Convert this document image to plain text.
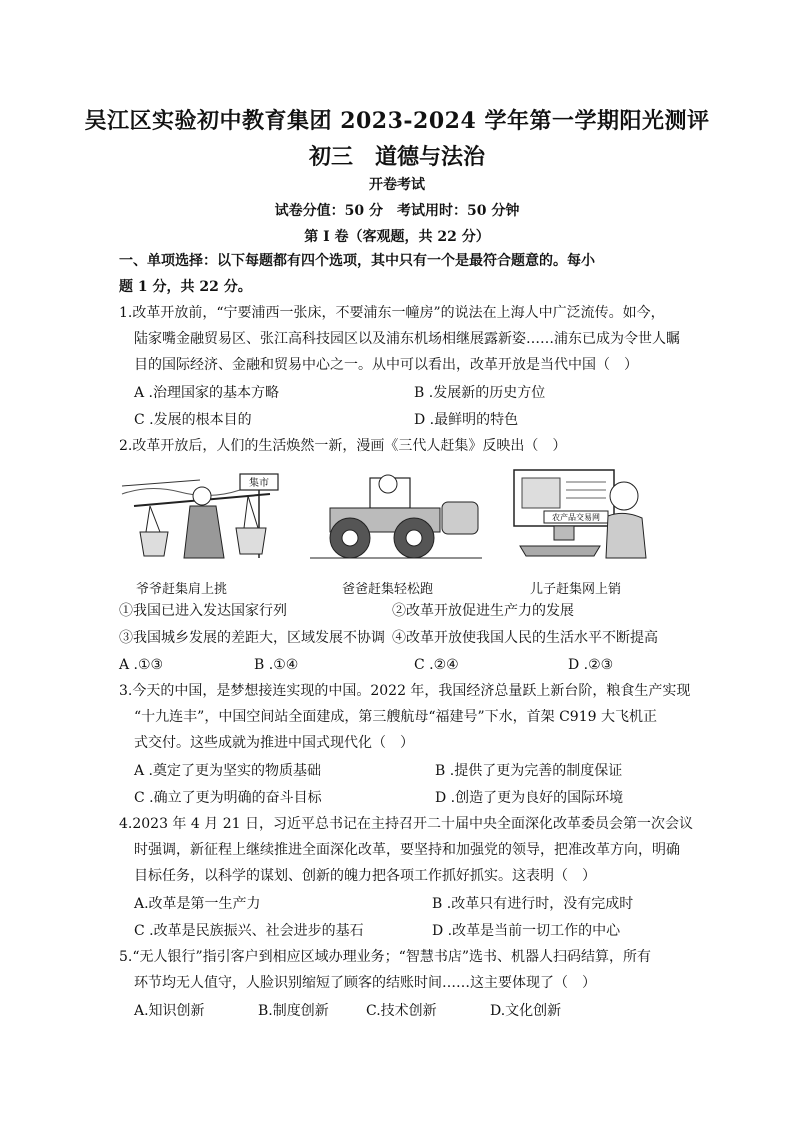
吴江区实验初中教育集团 2023-2024 学年第一学期阳光测评
初三　道德与法治
开卷考试
试卷分值：50 分　考试用时：50 分钟
第 I 卷（客观题，共 22 分）
一、单项选择：以下每题都有四个选项，其中只有一个是最符合题意的。每小
题 1 分，共 22 分。
1.改革开放前，“宁要浦西一张床，不要浦东一幢房”的说法在上海人中广泛流传。如今，
陆家嘴金融贸易区、张江高科技园区以及浦东机场相继展露新姿……浦东已成为令世人瞩
目的国际经济、金融和贸易中心之一。从中可以看出，改革开放是当代中国（　）
A .治理国家的基本方略	B .发展新的历史方位
C .发展的根本目的	D .最鲜明的特色
2.改革开放后，人们的生活焕然一新，漫画《三代人赶集》反映出（　）
集市
农产品交易网
爷爷赶集肩上挑	爸爸赶集轻松跑	儿子赶集网上销
①我国已进入发达国家行列	②改革开放促进生产力的发展
③我国城乡发展的差距大，区域发展不协调 ④改革开放使我国人民的生活水平不断提高
A .①③	B .①④	C .②④	D .②③
3.今天的中国，是梦想接连实现的中国。2022 年，我国经济总量跃上新台阶，粮食生产实现
“十九连丰”，中国空间站全面建成，第三艘航母“福建号”下水，首架 C919 大飞机正
式交付。这些成就为推进中国式现代化（　）
A .奠定了更为坚实的物质基础	B .提供了更为完善的制度保证
C .确立了更为明确的奋斗目标	D .创造了更为良好的国际环境
4.2023 年 4 月 21 日，习近平总书记在主持召开二十届中央全面深化改革委员会第一次会议
时强调，新征程上继续推进全面深化改革，要坚持和加强党的领导，把准改革方向，明确
目标任务，以科学的谋划、创新的魄力把各项工作抓好抓实。这表明（　）
A.改革是第一生产力	B .改革只有进行时，没有完成时
C .改革是民族振兴、社会进步的基石	D .改革是当前一切工作的中心
5.“无人银行”指引客户到相应区域办理业务；“智慧书店”选书、机器人扫码结算，所有
环节均无人值守，人脸识别缩短了顾客的结账时间……这主要体现了（　）
A.知识创新	B.制度创新	C.技术创新	D.文化创新
